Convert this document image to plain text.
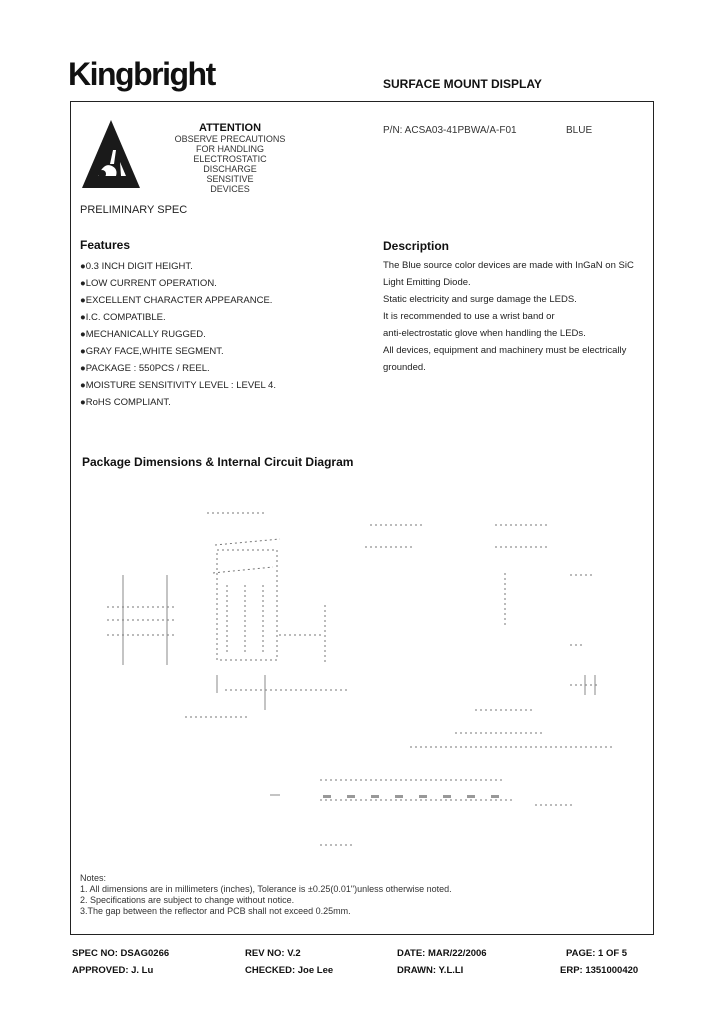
Kingbright	SURFACE MOUNT DISPLAY
ATTENTION
OBSERVE PRECAUTIONS
FOR HANDLING
ELECTROSTATIC
DISCHARGE
SENSITIVE
DEVICES
P/N: ACSA03-41PBWA/A-F01	BLUE
PRELIMINARY SPEC
Features
●0.3 INCH DIGIT HEIGHT.
●LOW CURRENT OPERATION.
●EXCELLENT CHARACTER APPEARANCE.
●I.C. COMPATIBLE.
●MECHANICALLY RUGGED.
●GRAY FACE,WHITE SEGMENT.
●PACKAGE : 550PCS / REEL.
●MOISTURE SENSITIVITY LEVEL : LEVEL 4.
●RoHS COMPLIANT.
Description
The Blue source color devices are made with InGaN on SiC
Light Emitting Diode.
Static electricity and surge damage the LEDS.
It is recommended to use a wrist band or
anti-electrostatic glove when handling the LEDs.
All devices, equipment and machinery must be electrically
grounded.
Package Dimensions & Internal Circuit Diagram
Notes:
1. All dimensions are in millimeters (inches), Tolerance is ±0.25(0.01")unless otherwise noted.
2. Specifications are subject to change without notice.
3.The gap between the reflector and PCB shall not exceed 0.25mm.
SPEC NO: DSAG0266	REV NO: V.2	DATE: MAR/22/2006	PAGE: 1 OF 5
APPROVED: J. Lu	CHECKED: Joe Lee	DRAWN: Y.L.LI	ERP: 1351000420
